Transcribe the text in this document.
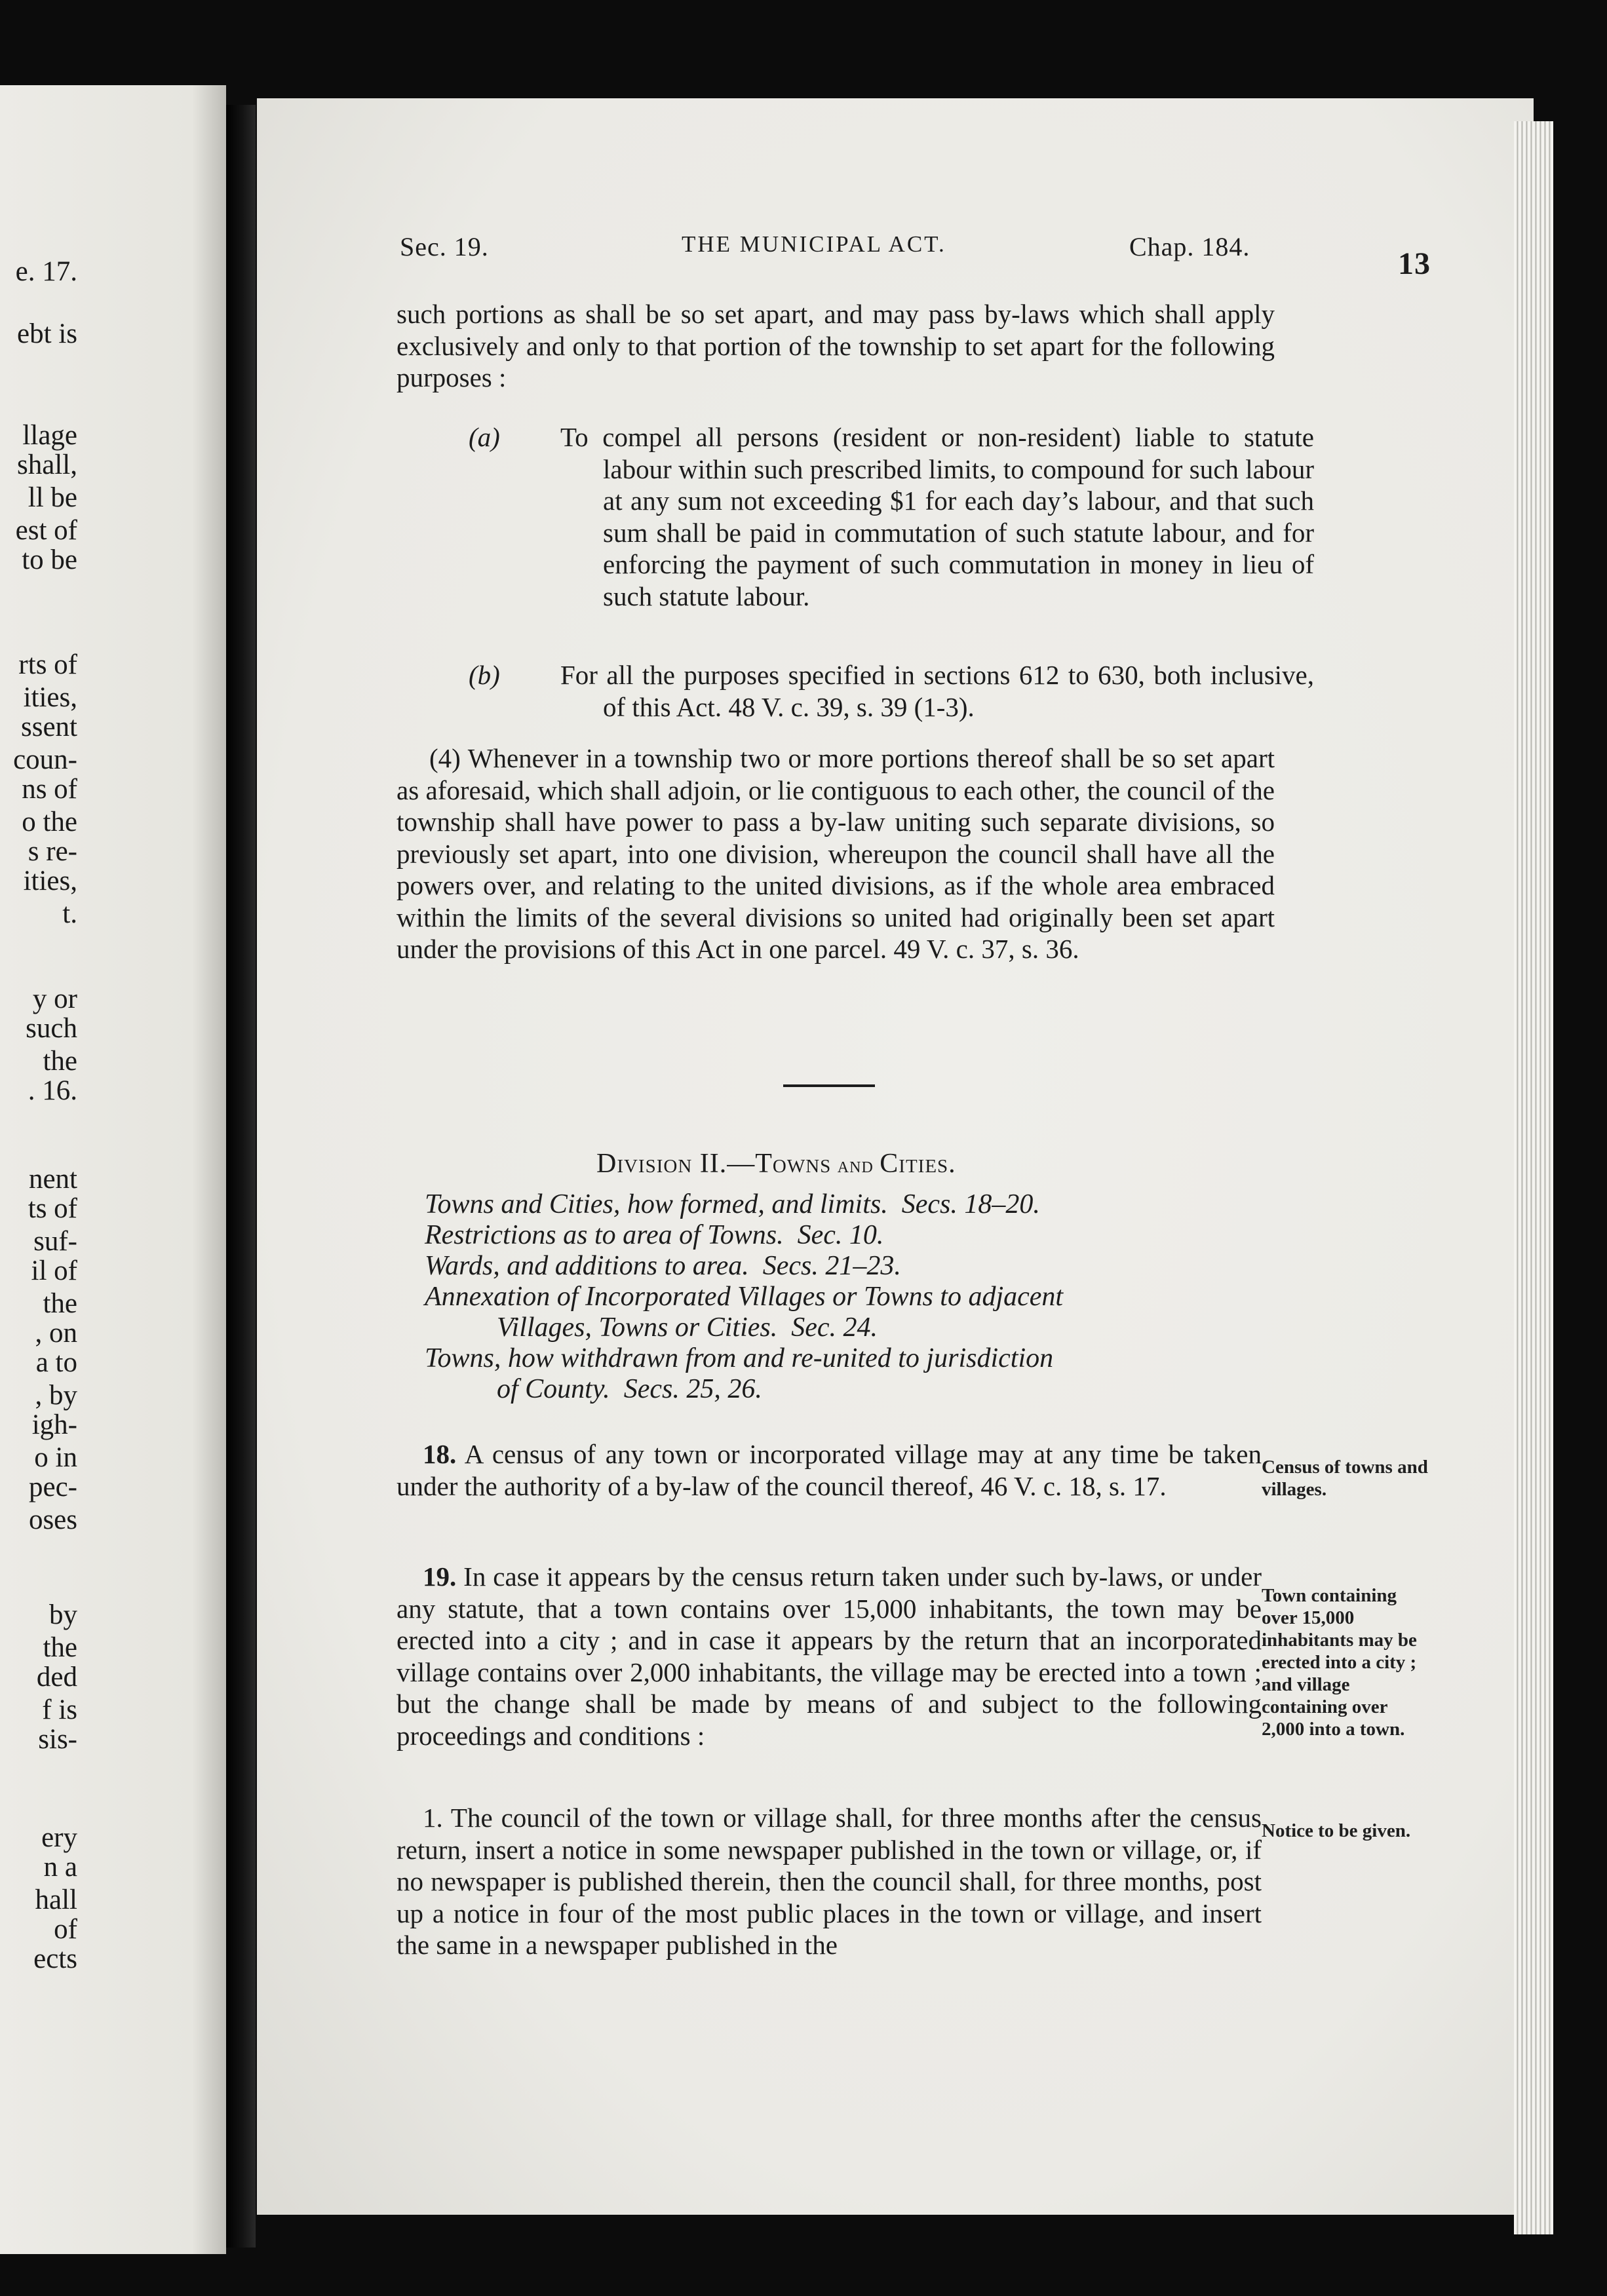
e. 17.
ebt is
llage
shall,
ll be
est of
to be
rts of
ities,
ssent
coun-
ns of
o the
s re-
ities,
t.
y or
such
the
. 16.
nent
ts of
suf-
il of
the
, on
a to
, by
igh-
o in
pec-
oses
by
the
ded
f is
sis-
ery
n a
hall
of
ects
Sec. 19.	THE MUNICIPAL ACT.	Chap. 184.	13

such portions as shall be so set apart, and may pass by-laws which shall apply exclusively and only to that portion of the township to set apart for the following purposes :

(a) To compel all persons (resident or non-resident) liable to statute labour within such prescribed limits, to compound for such labour at any sum not exceeding $1 for each day’s labour, and that such sum shall be paid in commutation of such statute labour, and for enforcing the payment of such commutation in money in lieu of such statute labour.
(b) For all the purposes specified in sections 612 to 630, both inclusive, of this Act. 48 V. c. 39, s. 39 (1-3).

(4) Whenever in a township two or more portions thereof shall be so set apart as aforesaid, which shall adjoin, or lie contiguous to each other, the council of the township shall have power to pass a by-law uniting such separate divisions, so previously set apart, into one division, whereupon the council shall have all the powers over, and relating to the united divisions, as if the whole area embraced within the limits of the several divisions so united had originally been set apart under the provisions of this Act in one parcel. 49 V. c. 37, s. 36.

Division II.—Towns and Cities.
Towns and Cities, how formed, and limits.  Secs. 18–20.
Restrictions as to area of Towns.  Sec. 10.
Wards, and additions to area.  Secs. 21–23.
Annexation of Incorporated Villages or Towns to adjacent
Villages, Towns or Cities.  Sec. 24.
Towns, how withdrawn from and re-united to jurisdiction
of County.  Secs. 25, 26.

18. A census of any town or incorporated village may at any time be taken under the authority of a by-law of the council thereof, 46 V. c. 18, s. 17.

Census of towns and villages.

19. In case it appears by the census return taken under such by-laws, or under any statute, that a town contains over 15,000 inhabitants, the town may be erected into a city ; and in case it appears by the return that an incorporated village contains over 2,000 inhabitants, the village may be erected into a town ; but the change shall be made by means of and subject to the following proceedings and conditions :

Town containing over 15,000 inhabitants may be erected into a city ; and village containing over 2,000 into a town.

1. The council of the town or village shall, for three months after the census return, insert a notice in some newspaper published in the town or village, or, if no newspaper is published therein, then the council shall, for three months, post up a notice in four of the most public places in the town or village, and insert the same in a newspaper published in the

Notice to be given.
